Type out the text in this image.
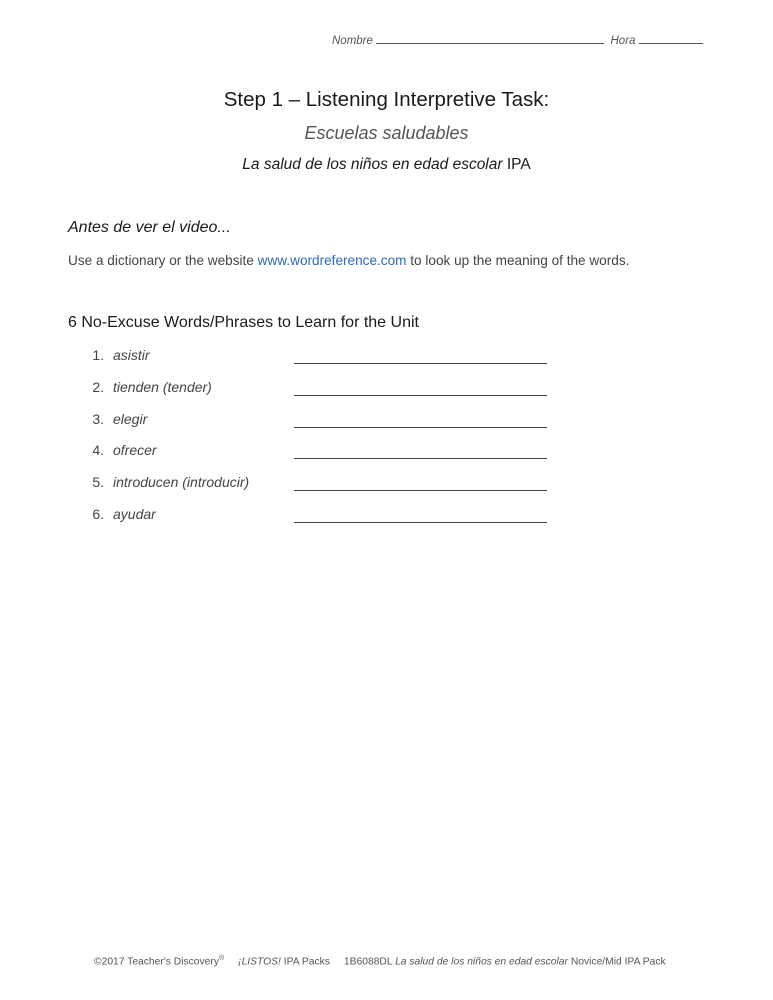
Nombre	Hora
Step 1 – Listening Interpretive Task:
Escuelas saludables
La salud de los niños en edad escolar IPA
Antes de ver el video...
Use a dictionary or the website www.wordreference.com to look up the meaning of the words.
6 No-Excuse Words/Phrases to Learn for the Unit
1. asistir
2. tienden (tender)
3. elegir
4. ofrecer
5. introducen (introducir)
6. ayudar
©2017 Teacher's Discovery® ¡LISTOS! IPA Packs 1B6088DL La salud de los niños en edad escolar Novice/Mid IPA Pack
